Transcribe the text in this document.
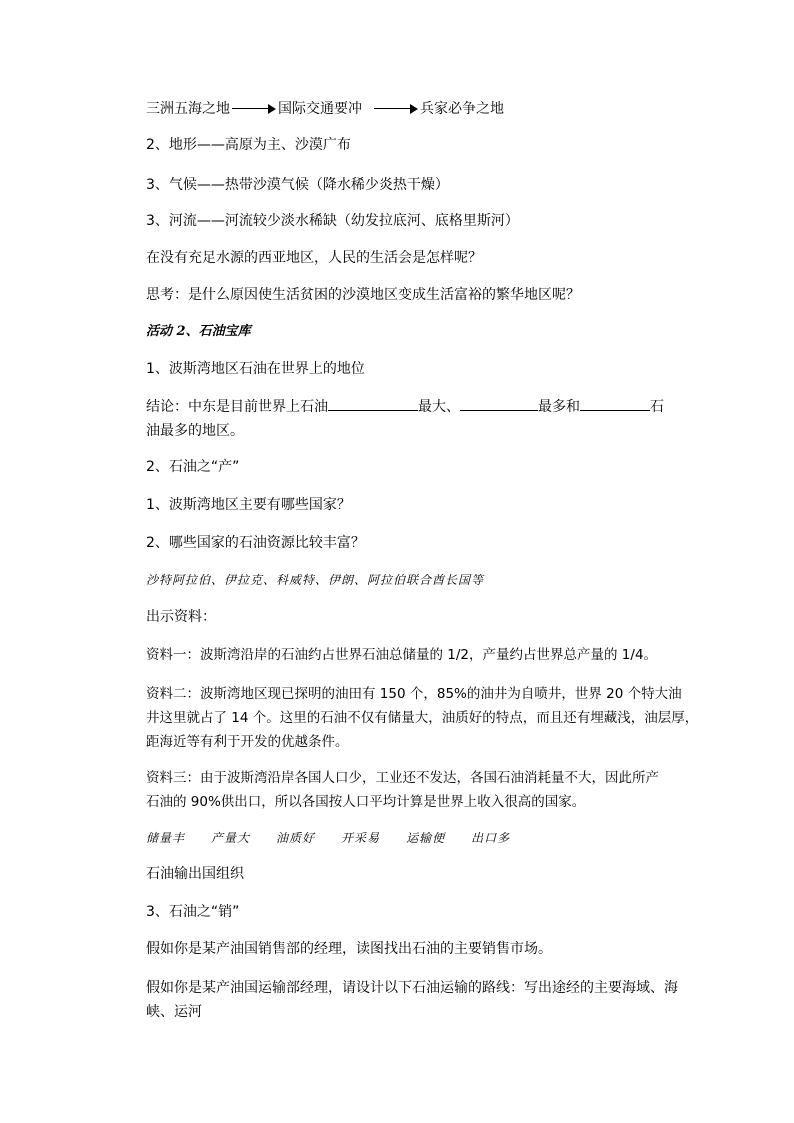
三洲五海之地	国际交通要冲	兵家必争之地
2、地形——高原为主、沙漠广布
3、气候——热带沙漠气候（降水稀少炎热干燥）
3、河流——河流较少淡水稀缺（幼发拉底河、底格里斯河）
在没有充足水源的西亚地区，人民的生活会是怎样呢？
思考：是什么原因使生活贫困的沙漠地区变成生活富裕的繁华地区呢？
活动 2、石油宝库
1、波斯湾地区石油在世界上的地位
结论：中东是目前世界上石油	最大、	最多和	石
油最多的地区。
2、石油之“产”
1、波斯湾地区主要有哪些国家？
2、哪些国家的石油资源比较丰富？
沙特阿拉伯、伊拉克、科威特、伊朗、阿拉伯联合酋长国等
出示资料：
资料一：波斯湾沿岸的石油约占世界石油总储量的 1/2，产量约占世界总产量的 1/4。
资料二：波斯湾地区现已探明的油田有 150 个，85%的油井为自喷井，世界 20 个特大油
井这里就占了 14 个。这里的石油不仅有储量大，油质好的特点，而且还有埋藏浅，油层厚，
距海近等有利于开发的优越条件。
资料三：由于波斯湾沿岸各国人口少，工业还不发达，各国石油消耗量不大，因此所产
石油的 90%供出口，所以各国按人口平均计算是世界上收入很高的国家。
储量丰 产量大 油质好 开采易 运输便 出口多
石油输出国组织
3、石油之“销”
假如你是某产油国销售部的经理，读图找出石油的主要销售市场。
假如你是某产油国运输部经理，请设计以下石油运输的路线：写出途经的主要海域、海
峡、运河
